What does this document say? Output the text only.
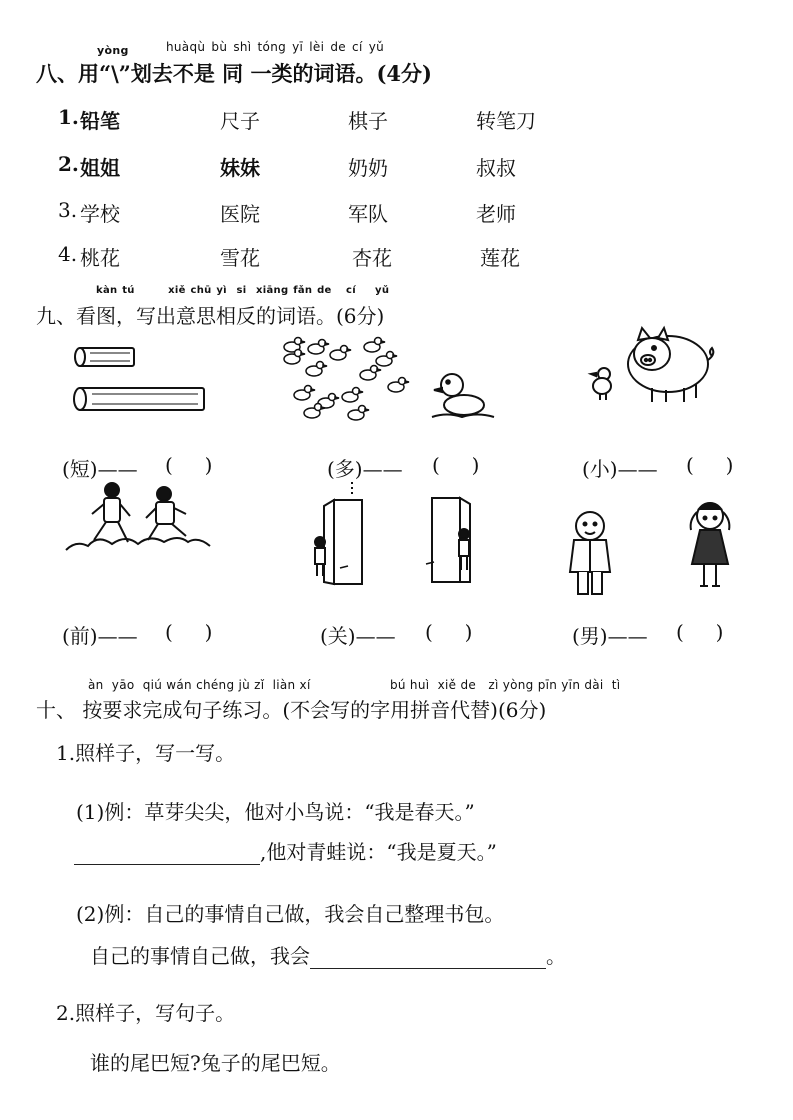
yòng	huàqù bù shì tóng yī lèi de cí yǔ
八、用“\”划去不是 同 一类的词语。(4分)
1. 铅笔	尺子	棋子	转笔刀
2. 姐姐	妹妹	奶奶	叔叔
3. 学校	医院	军队	老师
4. 桃花	雪花	杏花	莲花
kàn tú       xiě chū yì  si  xiāng fǎn de   cí    yǔ
九、看图，写出意思相反的词语。(6分)
(短)—— (     )	(多)—— (     )	(小)—— (     )
(前)—— (     )	(关)—— (     )	(男)—— (     )
àn  yāo  qiú wán chéng jù zǐ  liàn xí	bú huì  xiě de   zì yòng pīn yīn dài  tì
十、 按要求完成句子练习。(不会写的字用拼音代替)(6分)
1.照样子，写一写。
(1)例：草芽尖尖，他对小鸟说：“我是春天。”
,他对青蛙说：“我是夏天。”
(2)例：自己的事情自己做，我会自己整理书包。
自己的事情自己做，我会	。
2.照样子，写句子。
谁的尾巴短?兔子的尾巴短。
